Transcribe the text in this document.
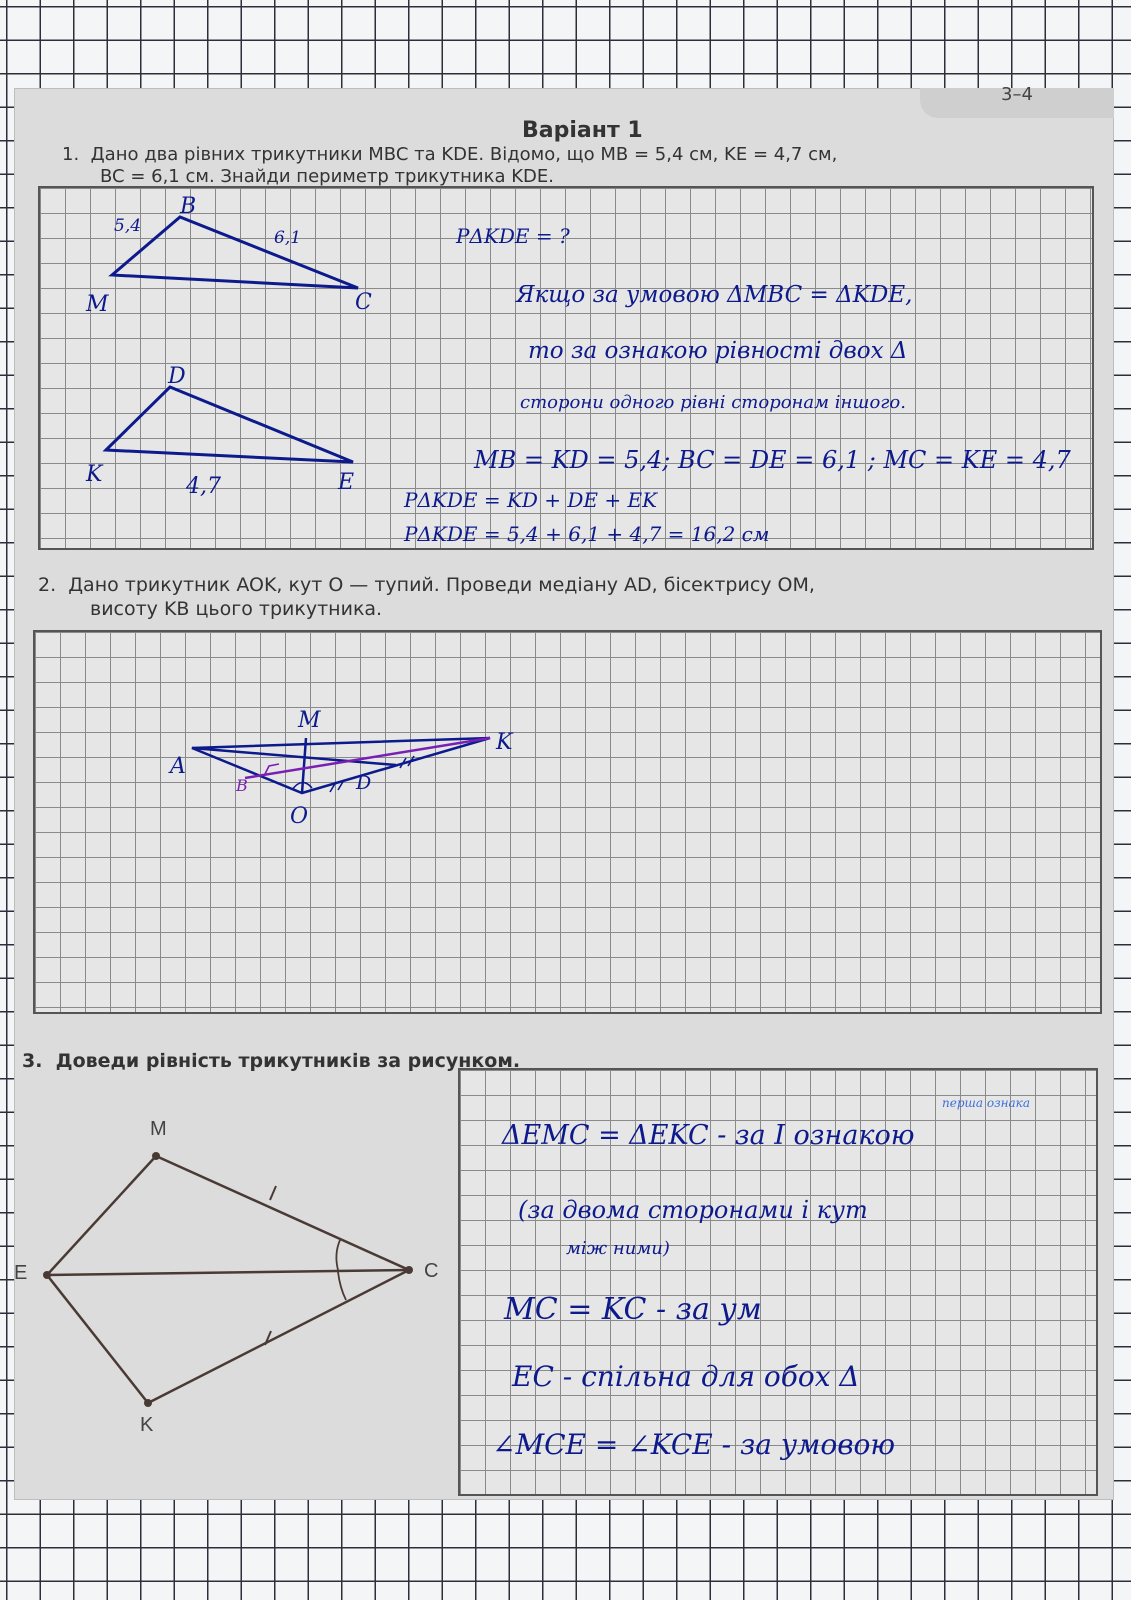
3–4
Варіант 1
1.  Дано два рівних трикутники MBC та KDE. Відомо, що MB = 5,4 см, KE = 4,7 см,
BC = 6,1 см. Знайди периметр трикутника KDE.
2.  Дано трикутник AOK, кут O — тупий. Проведи медіану AD, бісектрису OM,
висоту KB цього трикутника.
3.  Доведи рівність трикутників за рисунком.
M
B
C
5,4
6,1
K
D
E
4,7
PΔKDE = ?
Якщо за умовою ΔMBC = ΔKDE,
то за ознакою рівності двох Δ
сторони одного рівні сторонам іншого.
MB = KD = 5,4; BC = DE = 6,1 ; MC = KE = 4,7
PΔKDE = KD + DE + EK
PΔKDE = 5,4 + 6,1 + 4,7 = 16,2 см
A
O
K
M
D
B
M
E	C
K
перша ознака
ΔEMC = ΔEKC - за I ознакою
(за двома сторонами і кут
між ними)
MC = KC - за ум
EC - спільна для обох Δ
∠MCE = ∠KCE - за умовою
